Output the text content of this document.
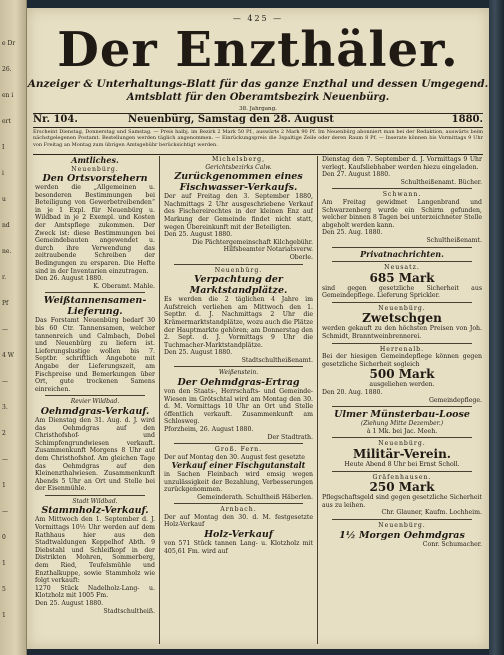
e Dr
26.
en i
ert
I
i
u
nd
ne.
r.
Pf
—
4 W
—
3.
2
—
1
—
0
1
5
1
— 425 —
Der Enzthäler.
Anzeiger & Unterhaltungs-Blatt für das ganze Enzthal und dessen Umgegend.
Amtsblatt für den Oberamtsbezirk Neuenbürg.
38. Jahrgang.
Nr. 104.	Neuenbürg, Samstag den 28. August	1880.
Erscheint Dienstag, Donnerstag und Samstag. — Preis halbj. im Bezirk 2 Mark 50 Pf., auswärts 2 Mark 90 Pf. Im Neuenbürg abonniert man bei der Redaktion, auswärts beim nächstgelegenen Postamt. Bestellungen werden täglich angenommen. — Einrückungspreis die 3spaltige Zeile oder deren Raum 8 Pf. — Inserate können bis Vormittags 9 Uhr von Freitag an Montag zum übrigen Amtsgebühr berücksichtigt werden.

Amtliches.

Neuenbürg.

Den Ortsvorstehern

werden die „Allgemeinen u. besonderen Bestimmungen bei Beteiligung von Gewerbetreibenden“ in je 1 Expl. für Neuenbürg u. Wildbad in je 2 Exempl. und Kosten der Amtspflege zukommen. Der Zweck ist: diese Bestimmungen bei Gemeindebauten angewendet u. durch ihre Verwendung das zeitraubende Schreiben der Bedingungen zu ersparen. Die Hefte sind in der Inventarien einzutragen.

Den 26. August 1880.

K. Oberamt. Mahle.

Weißtannensamen-Lieferung.

Das Forstamt Neuenbürg bedarf 30 bis 60 Ctr. Tannensamen, welcher tannenreich und Calmbach, Dobel und Neuenbürg zu liefern ist. Lieferungslustige wollen bis 7. Septbr. schriftlich Angebote mit Angabe der Lieferungszeit, am Fischpreise und Bemerkungen über Ort, gute trockenen Samens einreichen.

Revier Wildbad.

Oehmdgras-Verkauf.

Am Dienstag den 31. Aug. d. J. wird das Oehmdgras auf den Christhofshof- und Schimpfengrundwiesen verkauft. Zusammenkunft Morgens 8 Uhr auf dem Christhofshof. Am gleichen Tage das Oehmdgras auf den Kleinenzthalwiesen. Zusammenkunft Abends 5 Uhr an Ort und Stelle bei der Eisenmühle.

Stadt Wildbad.

Stammholz-Verkauf.

Am Mittwoch den 1. September d. J. Vormittags 10½ Uhr werden auf dem Rathhaus hier aus den Stadtwaldungen Keppelhof Abth. 9 Diebstahl und Schleifkopf in der Distrikten Mohren, Sommerberg, dem Ried, Teufelsmühle und Enzthalkuppe, sowie Stammholz wie folgt verkauft:

1270 Stück Nadelholz-Lang- u. Klotzholz mit 1005 Fm.

Den 25. August 1880.

Stadtschultheiß.

Michelsberg,

Gerichtsbezirks Calw.

Zurückgenommen eines Fischwasser-Verkaufs.

Der auf Freitag den 3. September 1880, Nachmittags 2 Uhr ausgeschriebene Verkauf des Fischereirechtes in der kleinen Enz auf Markung der Gemeinde findet nicht statt, wegen Übereinkunft mit der Beteiligten.

Den 25. August 1880.

Die Pächtergemeinschaft Kilchgebühr. Hilfsbeamter Notariatsverw.

Oberle.

Neuenbürg.

Verpachtung der Marktstandplätze.

Es werden die 2 täglichen 4 Jahre im Aufstreich verliehen am Mittwoch den 1. Septbr. d. J. Nachmittags 2 Uhr die Krämermarktstandplätze, wozu auch die Plätze der Hauptmarkte gehören; am Donnerstag den 2. Sept. d. J. Vormittags 9 Uhr die Tuchmacher-Marktstandplätze.

Den 25. August 1880.

Stadtschultheißenamt.

Weißenstein.

Der Oehmdgras-Ertrag

von den Staats-, Herrschafts- und Gemeinde-Wiesen im Grötschtal wird am Montag den 30. d. M. Vormittags 10 Uhr an Ort und Stelle öffentlich verkauft. Zusammenkunft am Schlosweg.

Pforzheim, 26. August 1880.

Der Stadtrath.

Groß. Fern.

Der auf Montag den 30. August fest gesetzte

Verkauf einer Fischgutanstalt

in Sachen Fleinbach wird emsig wegen unzulässigkeit der Bezahlung, Verbesserungen zurückgenommen.

Gemeinderath. Schultheiß Häberlen.

Arnbach.

Der auf Montag den 30. d. M. festgesetzte Holz-Verkauf

Holz-Verkauf

von 571 Stück tannen Lang- u. Klotzholz mit 405,61 Fm. wird auf

Dienstag den 7. September d. J. Vormittags 9 Uhr verlegt. Kaufsliebhaber werden hiezu eingeladen.

Den 27. August 1880.

Schultheißenamt. Bücher.

Schwann.

Am Freitag gewidmet Langenbrand und Schwarzenberg wurde ein Schirm gefunden, welcher binnen 8 Tagen bei unterzeichneter Stelle abgeholt werden kann.

Den 25. Aug. 1880.

Schultheißenamt.

Privatnachrichten.

Neusatz.

685 Mark

sind gegen gesetzliche Sicherheit aus Gemeindepflege. Lieferung Sprickler.

Neuenbürg.

Zwetschgen

werden gekauft zu den höchsten Preisen von Joh. Schmidt, Branntweinbrennerei.

Herrenalb.

Bei der hiesigen Gemeindepflege können gegen gesetzliche Sicherheit sogleich

500 Mark

ausgeliehen werden.

Den 20. Aug. 1880.

Gemeindepflege.

Ulmer Münsterbau-Loose

(Ziehung Mitte Dezember.)

à 1 Mk. bei Jac. Meeh.

Neuenbürg.

Militär-Verein.

Heute Abend 8 Uhr bei Ernst Scholl.

Gräfenhausen.

250 Mark

Pflegschaftsgeld sind gegen gesetzliche Sicherheit aus zu leihen.

Chr. Glauner, Kaufm. Lochheim.

Neuenbürg.

1½ Morgen Oehmdgras

Conr. Schumacher.
